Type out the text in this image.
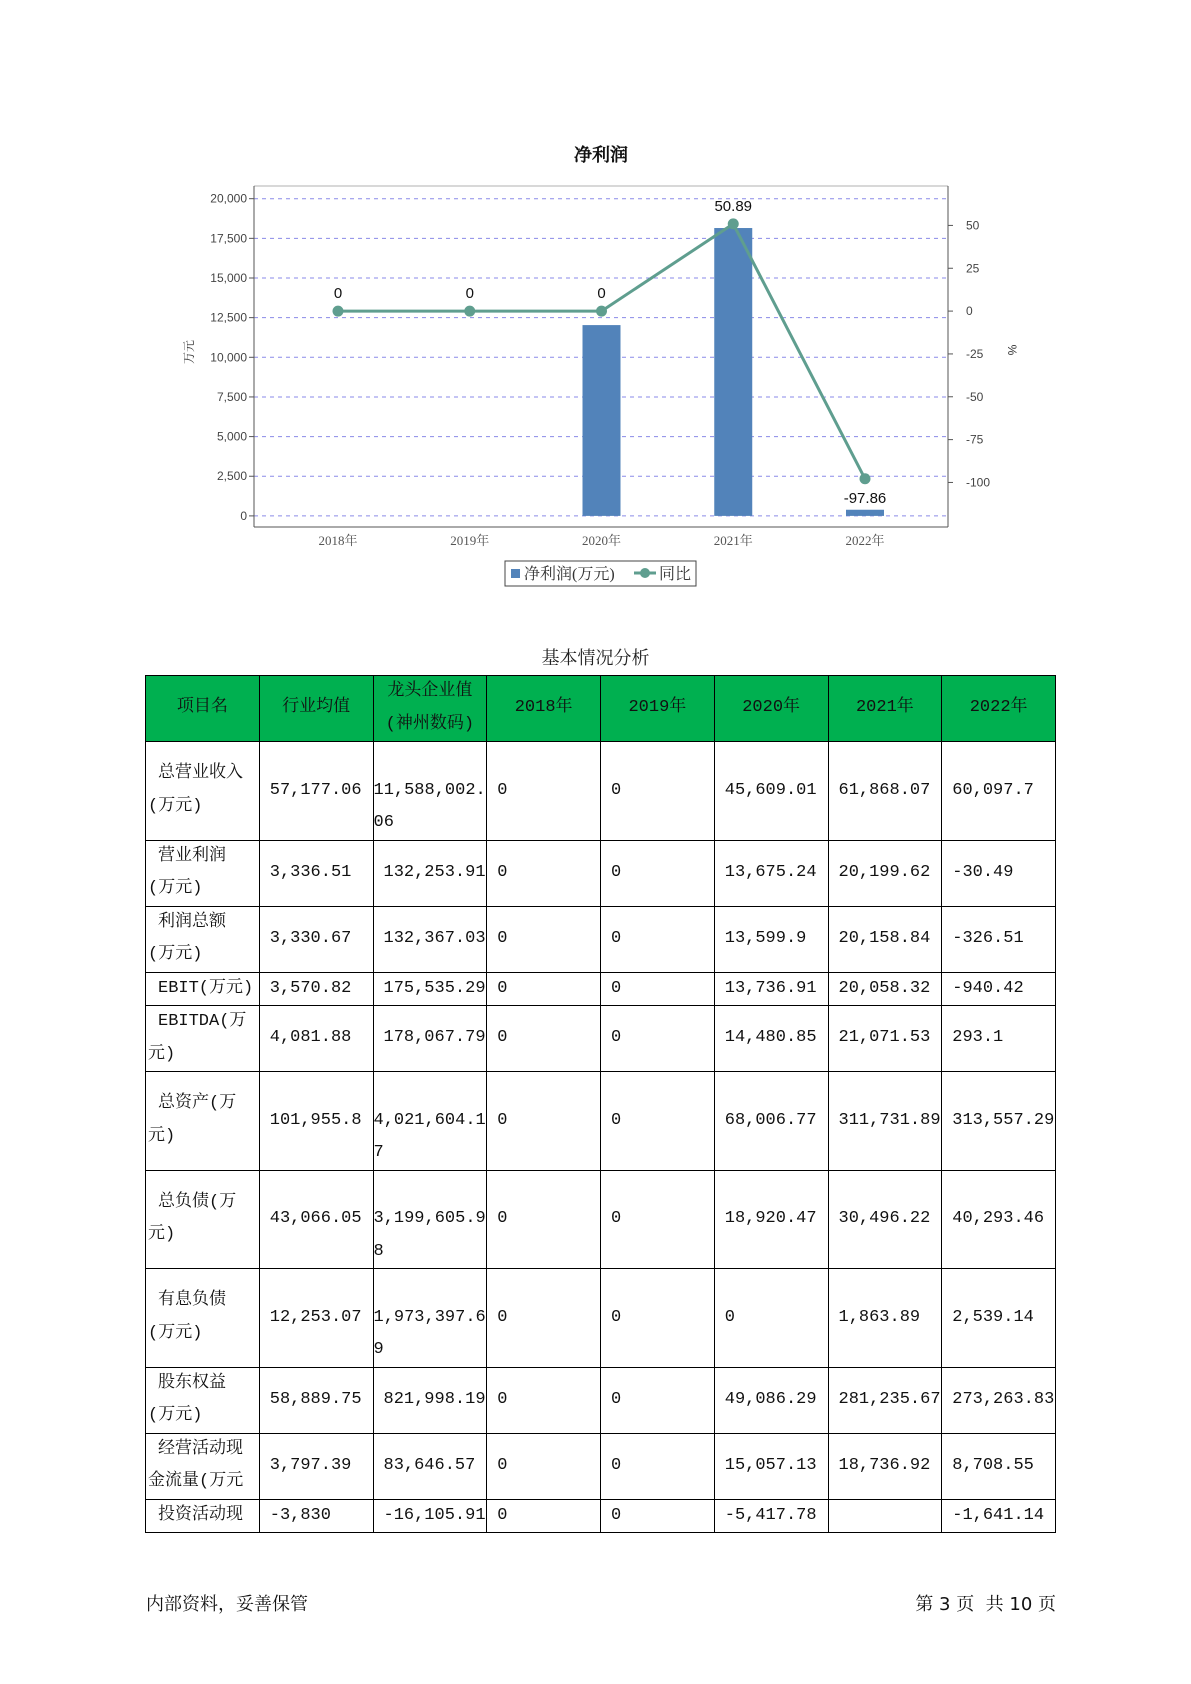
净利润
0
2,500
5,000
7,500
10,000
12,500
15,000
17,500
20,000
50
25
0
-25
-50
-75
-100
2018年	2019年	2020年	2021年	2022年
万元	%
0	0	0
50.89
-97.86
净利润(万元)	同比
基本情况分析
项目名	行业均值	龙头企业值(神州数码)	2018年	2019年	2020年	2021年	2022年
总营业收入(万元)	57,177.06	11,588,002.06	0	0	45,609.01	61,868.07	60,097.7
营业利润(万元)	3,336.51	132,253.91	0	0	13,675.24	20,199.62	-30.49
利润总额(万元)	3,330.67	132,367.03	0	0	13,599.9	20,158.84	-326.51
EBIT(万元)	3,570.82	175,535.29	0	0	13,736.91	20,058.32	-940.42
EBITDA(万元)	4,081.88	178,067.79	0	0	14,480.85	21,071.53	293.1
总资产(万元)	101,955.8	4,021,604.17	0	0	68,006.77	311,731.89	313,557.29
总负债(万元)	43,066.05	3,199,605.98	0	0	18,920.47	30,496.22	40,293.46
有息负债(万元)	12,253.07	1,973,397.69	0	0	0	1,863.89	2,539.14
股东权益(万元)	58,889.75	821,998.19	0	0	49,086.29	281,235.67	273,263.83
经营活动现金流量(万元	3,797.39	83,646.57	0	0	15,057.13	18,736.92	8,708.55
投资活动现	-3,830	-16,105.91	0	0	-5,417.78		-1,641.14
内部资料，妥善保管	第 3 页  共 10 页
